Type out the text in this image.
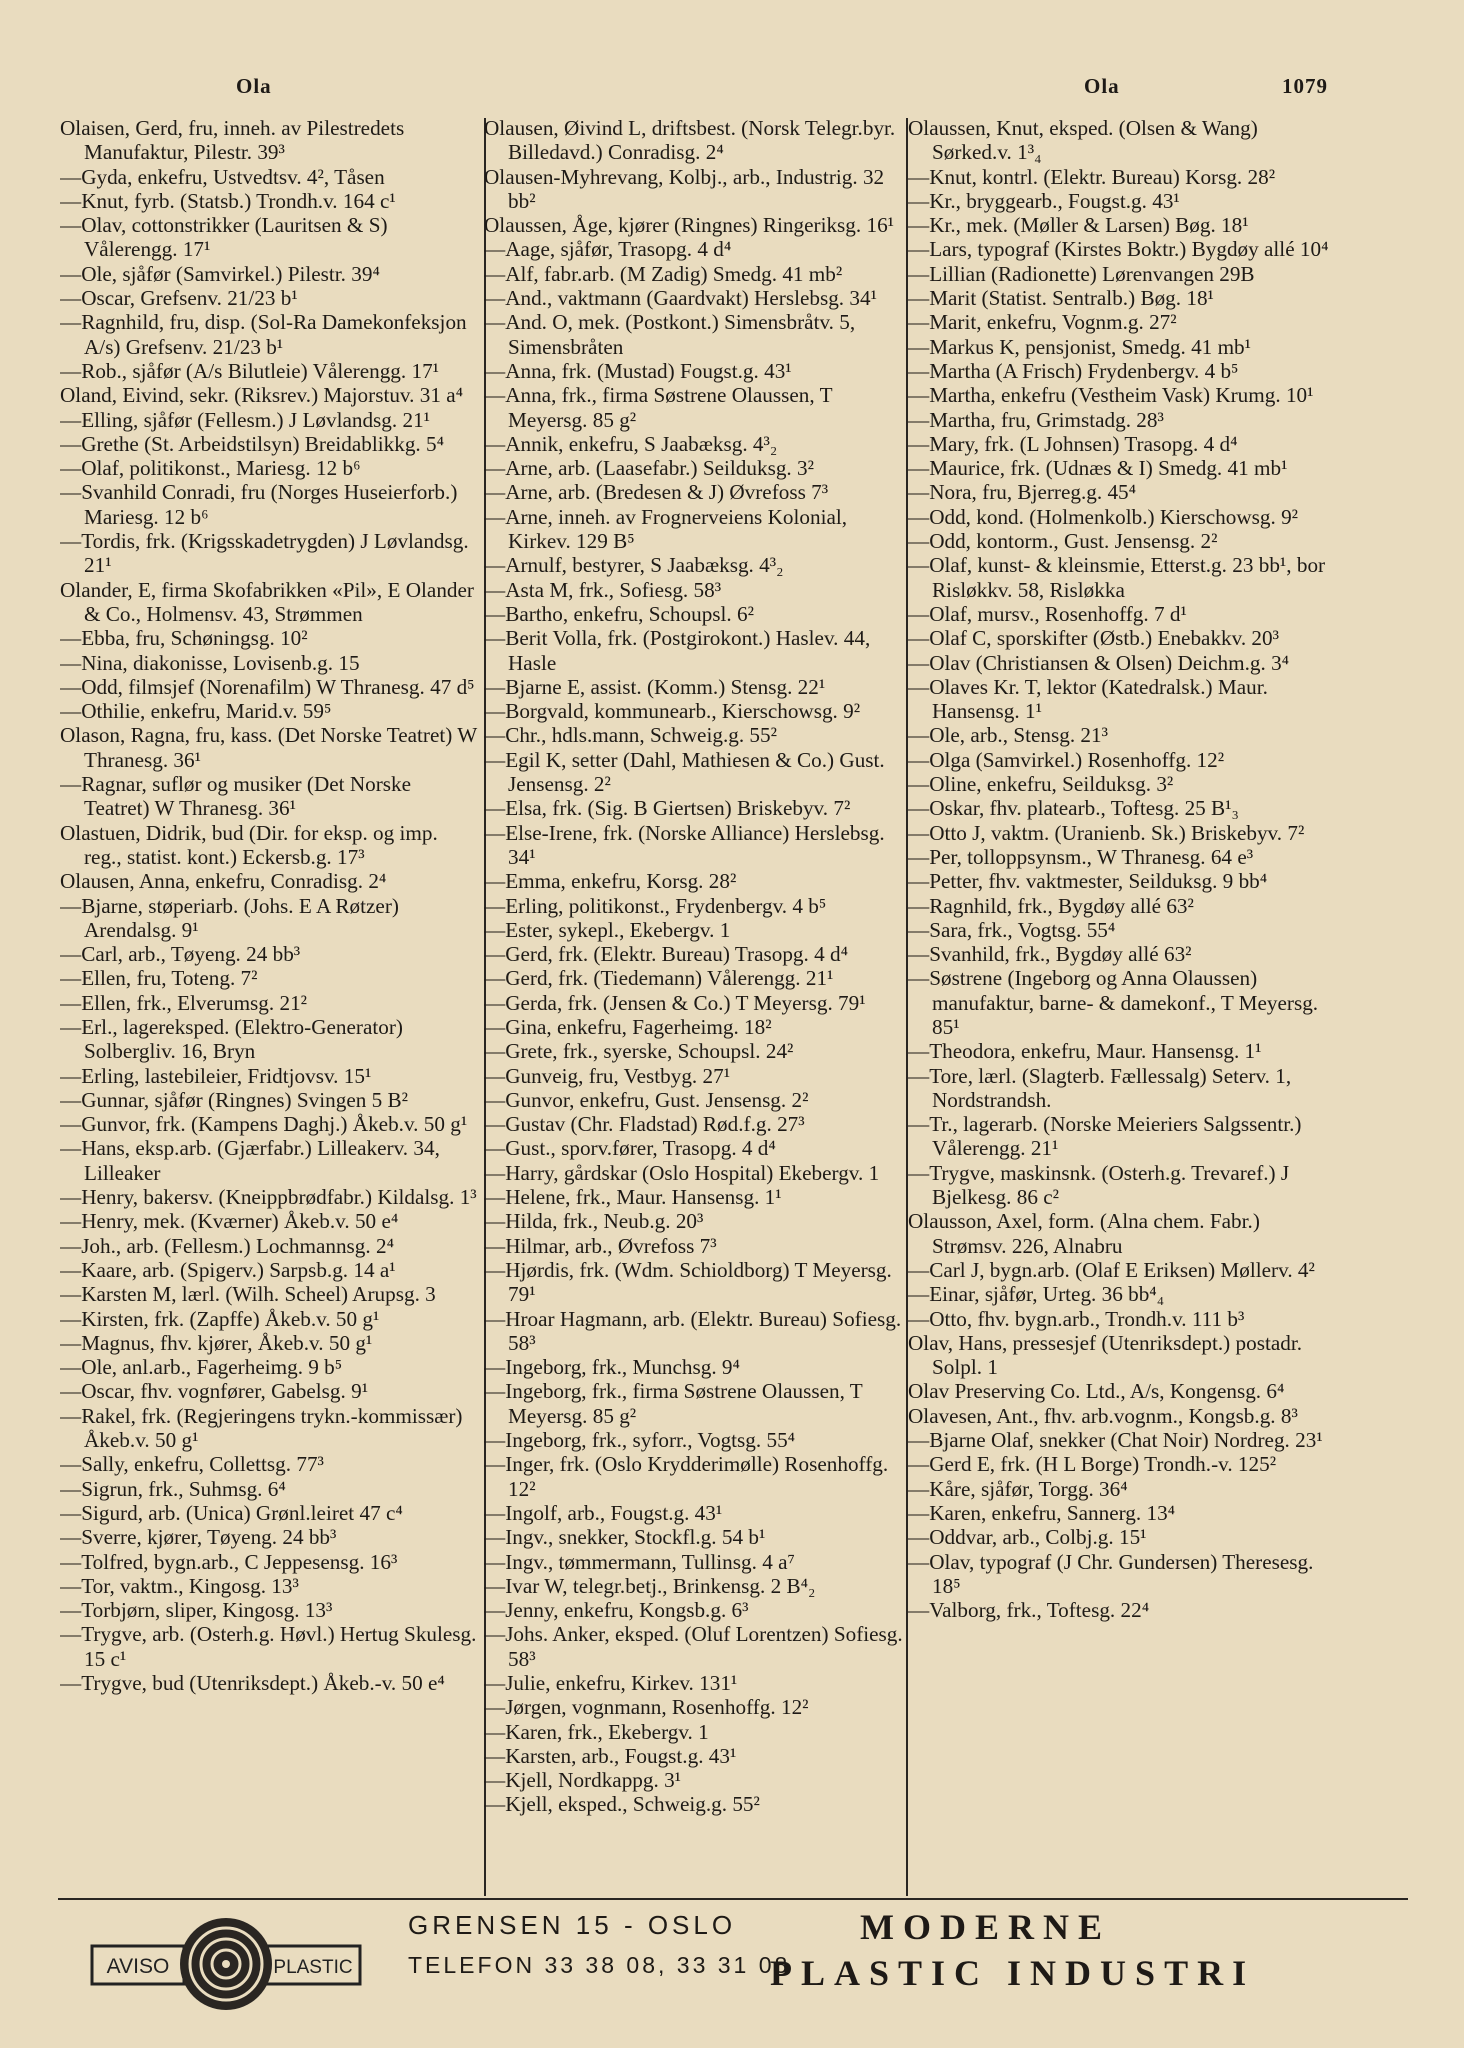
Ola	Ola	1079
Olaisen, Gerd, fru, inneh. av Pilestredets Manufaktur, Pilestr. 39³
—Gyda, enkefru, Ustvedtsv. 4², Tåsen
—Knut, fyrb. (Statsb.) Trondh.v. 164 c¹
—Olav, cottonstrikker (Lauritsen & S) Vålerengg. 17¹
—Ole, sjåfør (Samvirkel.) Pilestr. 39⁴
—Oscar, Grefsenv. 21/23 b¹
—Ragnhild, fru, disp. (Sol-Ra Damekonfeksjon A/s) Grefsenv. 21/23 b¹
—Rob., sjåfør (A/s Bilutleie) Vålerengg. 17¹
Oland, Eivind, sekr. (Riksrev.) Majorstuv. 31 a⁴
—Elling, sjåfør (Fellesm.) J Løvlandsg. 21¹
—Grethe (St. Arbeidstilsyn) Breidablikkg. 5⁴
—Olaf, politikonst., Mariesg. 12 b⁶
—Svanhild Conradi, fru (Norges Huseierforb.) Mariesg. 12 b⁶
—Tordis, frk. (Krigsskadetrygden) J Løvlandsg. 21¹
Olander, E, firma Skofabrikken «Pil», E Olander & Co., Holmensv. 43, Strømmen
—Ebba, fru, Schøningsg. 10²
—Nina, diakonisse, Lovisenb.g. 15
—Odd, filmsjef (Norenafilm) W Thranesg. 47 d⁵
—Othilie, enkefru, Marid.v. 59⁵
Olason, Ragna, fru, kass. (Det Norske Teatret) W Thranesg. 36¹
—Ragnar, suflør og musiker (Det Norske Teatret) W Thranesg. 36¹
Olastuen, Didrik, bud (Dir. for eksp. og imp. reg., statist. kont.) Eckersb.g. 17³
Olausen, Anna, enkefru, Conradisg. 2⁴
—Bjarne, støperiarb. (Johs. E A Røtzer) Arendalsg. 9¹
—Carl, arb., Tøyeng. 24 bb³
—Ellen, fru, Toteng. 7²
—Ellen, frk., Elverumsg. 21²
—Erl., lagereksped. (Elektro-Generator) Solbergliv. 16, Bryn
—Erling, lastebileier, Fridtjovsv. 15¹
—Gunnar, sjåfør (Ringnes) Svingen 5 B²
—Gunvor, frk. (Kampens Daghj.) Åkeb.v. 50 g¹
—Hans, eksp.arb. (Gjærfabr.) Lilleakerv. 34, Lilleaker
—Henry, bakersv. (Kneippbrødfabr.) Kildalsg. 1³
—Henry, mek. (Kværner) Åkeb.v. 50 e⁴
—Joh., arb. (Fellesm.) Lochmannsg. 2⁴
—Kaare, arb. (Spigerv.) Sarpsb.g. 14 a¹
—Karsten M, lærl. (Wilh. Scheel) Arupsg. 3
—Kirsten, frk. (Zapffe) Åkeb.v. 50 g¹
—Magnus, fhv. kjører, Åkeb.v. 50 g¹
—Ole, anl.arb., Fagerheimg. 9 b⁵
—Oscar, fhv. vognfører, Gabelsg. 9¹
—Rakel, frk. (Regjeringens trykn.-kommissær) Åkeb.v. 50 g¹
—Sally, enkefru, Collettsg. 77³
—Sigrun, frk., Suhmsg. 6⁴
—Sigurd, arb. (Unica) Grønl.leiret 47 c⁴
—Sverre, kjører, Tøyeng. 24 bb³
—Tolfred, bygn.arb., C Jeppesensg. 16³
—Tor, vaktm., Kingosg. 13³
—Torbjørn, sliper, Kingosg. 13³
—Trygve, arb. (Osterh.g. Høvl.) Hertug Skulesg. 15 c¹
—Trygve, bud (Utenriksdept.) Åkeb.-v. 50 e⁴
Olausen, Øivind L, driftsbest. (Norsk Telegr.byr. Billedavd.) Conradisg. 2⁴
Olausen-Myhrevang, Kolbj., arb., Industrig. 32 bb²
Olaussen, Åge, kjører (Ringnes) Ringeriksg. 16¹
—Aage, sjåfør, Trasopg. 4 d⁴
—Alf, fabr.arb. (M Zadig) Smedg. 41 mb²
—And., vaktmann (Gaardvakt) Herslebsg. 34¹
—And. O, mek. (Postkont.) Simensbråtv. 5, Simensbråten
—Anna, frk. (Mustad) Fougst.g. 43¹
—Anna, frk., firma Søstrene Olaussen, T Meyersg. 85 g²
—Annik, enkefru, S Jaabæksg. 4³₂
—Arne, arb. (Laasefabr.) Seilduksg. 3²
—Arne, arb. (Bredesen & J) Øvrefoss 7³
—Arne, inneh. av Frognerveiens Kolonial, Kirkev. 129 B⁵
—Arnulf, bestyrer, S Jaabæksg. 4³₂
—Asta M, frk., Sofiesg. 58³
—Bartho, enkefru, Schoupsl. 6²
—Berit Volla, frk. (Postgirokont.) Haslev. 44, Hasle
—Bjarne E, assist. (Komm.) Stensg. 22¹
—Borgvald, kommunearb., Kierschowsg. 9²
—Chr., hdls.mann, Schweig.g. 55²
—Egil K, setter (Dahl, Mathiesen & Co.) Gust. Jensensg. 2²
—Elsa, frk. (Sig. B Giertsen) Briskebyv. 7²
—Else-Irene, frk. (Norske Alliance) Herslebsg. 34¹
—Emma, enkefru, Korsg. 28²
—Erling, politikonst., Frydenbergv. 4 b⁵
—Ester, sykepl., Ekebergv. 1
—Gerd, frk. (Elektr. Bureau) Trasopg. 4 d⁴
—Gerd, frk. (Tiedemann) Vålerengg. 21¹
—Gerda, frk. (Jensen & Co.) T Meyersg. 79¹
—Gina, enkefru, Fagerheimg. 18²
—Grete, frk., syerske, Schoupsl. 24²
—Gunveig, fru, Vestbyg. 27¹
—Gunvor, enkefru, Gust. Jensensg. 2²
—Gustav (Chr. Fladstad) Rød.f.g. 27³
—Gust., sporv.fører, Trasopg. 4 d⁴
—Harry, gårdskar (Oslo Hospital) Ekebergv. 1
—Helene, frk., Maur. Hansensg. 1¹
—Hilda, frk., Neub.g. 20³
—Hilmar, arb., Øvrefoss 7³
—Hjørdis, frk. (Wdm. Schioldborg) T Meyersg. 79¹
—Hroar Hagmann, arb. (Elektr. Bureau) Sofiesg. 58³
—Ingeborg, frk., Munchsg. 9⁴
—Ingeborg, frk., firma Søstrene Olaussen, T Meyersg. 85 g²
—Ingeborg, frk., syforr., Vogtsg. 55⁴
—Inger, frk. (Oslo Krydderimølle) Rosenhoffg. 12²
—Ingolf, arb., Fougst.g. 43¹
—Ingv., snekker, Stockfl.g. 54 b¹
—Ingv., tømmermann, Tullinsg. 4 a⁷
—Ivar W, telegr.betj., Brinkensg. 2 B⁴₂
—Jenny, enkefru, Kongsb.g. 6³
—Johs. Anker, eksped. (Oluf Lorentzen) Sofiesg. 58³
—Julie, enkefru, Kirkev. 131¹
—Jørgen, vognmann, Rosenhoffg. 12²
—Karen, frk., Ekebergv. 1
—Karsten, arb., Fougst.g. 43¹
—Kjell, Nordkappg. 3¹
—Kjell, eksped., Schweig.g. 55²
Olaussen, Knut, eksped. (Olsen & Wang) Sørked.v. 1³₄
—Knut, kontrl. (Elektr. Bureau) Korsg. 28²
—Kr., bryggearb., Fougst.g. 43¹
—Kr., mek. (Møller & Larsen) Bøg. 18¹
—Lars, typograf (Kirstes Boktr.) Bygdøy allé 10⁴
—Lillian (Radionette) Lørenvangen 29B
—Marit (Statist. Sentralb.) Bøg. 18¹
—Marit, enkefru, Vognm.g. 27²
—Markus K, pensjonist, Smedg. 41 mb¹
—Martha (A Frisch) Frydenbergv. 4 b⁵
—Martha, enkefru (Vestheim Vask) Krumg. 10¹
—Martha, fru, Grimstadg. 28³
—Mary, frk. (L Johnsen) Trasopg. 4 d⁴
—Maurice, frk. (Udnæs & I) Smedg. 41 mb¹
—Nora, fru, Bjerreg.g. 45⁴
—Odd, kond. (Holmenkolb.) Kierschowsg. 9²
—Odd, kontorm., Gust. Jensensg. 2²
—Olaf, kunst- & kleinsmie, Etterst.g. 23 bb¹, bor Risløkkv. 58, Risløkka
—Olaf, mursv., Rosenhoffg. 7 d¹
—Olaf C, sporskifter (Østb.) Enebakkv. 20³
—Olav (Christiansen & Olsen) Deichm.g. 3⁴
—Olaves Kr. T, lektor (Katedralsk.) Maur. Hansensg. 1¹
—Ole, arb., Stensg. 21³
—Olga (Samvirkel.) Rosenhoffg. 12²
—Oline, enkefru, Seilduksg. 3²
—Oskar, fhv. platearb., Toftesg. 25 B¹₃
—Otto J, vaktm. (Uranienb. Sk.) Briskebyv. 7²
—Per, tolloppsynsm., W Thranesg. 64 e³
—Petter, fhv. vaktmester, Seilduksg. 9 bb⁴
—Ragnhild, frk., Bygdøy allé 63²
—Sara, frk., Vogtsg. 55⁴
—Svanhild, frk., Bygdøy allé 63²
—Søstrene (Ingeborg og Anna Olaussen) manufaktur, barne- & damekonf., T Meyersg. 85¹
—Theodora, enkefru, Maur. Hansensg. 1¹
—Tore, lærl. (Slagterb. Fællessalg) Seterv. 1, Nordstrandsh.
—Tr., lagerarb. (Norske Meieriers Salgssentr.) Vålerengg. 21¹
—Trygve, maskinsnk. (Osterh.g. Trevaref.) J Bjelkesg. 86 c²
Olausson, Axel, form. (Alna chem. Fabr.) Strømsv. 226, Alnabru
—Carl J, bygn.arb. (Olaf E Eriksen) Møllerv. 4²
—Einar, sjåfør, Urteg. 36 bb⁴₄
—Otto, fhv. bygn.arb., Trondh.v. 111 b³
Olav, Hans, pressesjef (Utenriksdept.) postadr. Solpl. 1
Olav Preserving Co. Ltd., A/s, Kongensg. 6⁴
Olavesen, Ant., fhv. arb.vognm., Kongsb.g. 8³
—Bjarne Olaf, snekker (Chat Noir) Nordreg. 23¹
—Gerd E, frk. (H L Borge) Trondh.-v. 125²
—Kåre, sjåfør, Torgg. 36⁴
—Karen, enkefru, Sannerg. 13⁴
—Oddvar, arb., Colbj.g. 15¹
—Olav, typograf (J Chr. Gundersen) Theresesg. 18⁵
—Valborg, frk., Toftesg. 22⁴
AVISO	PLASTIC
GRENSEN 15 - OSLO
TELEFON 33 38 08, 33 31 08
MODERNE
PLASTIC INDUSTRI
